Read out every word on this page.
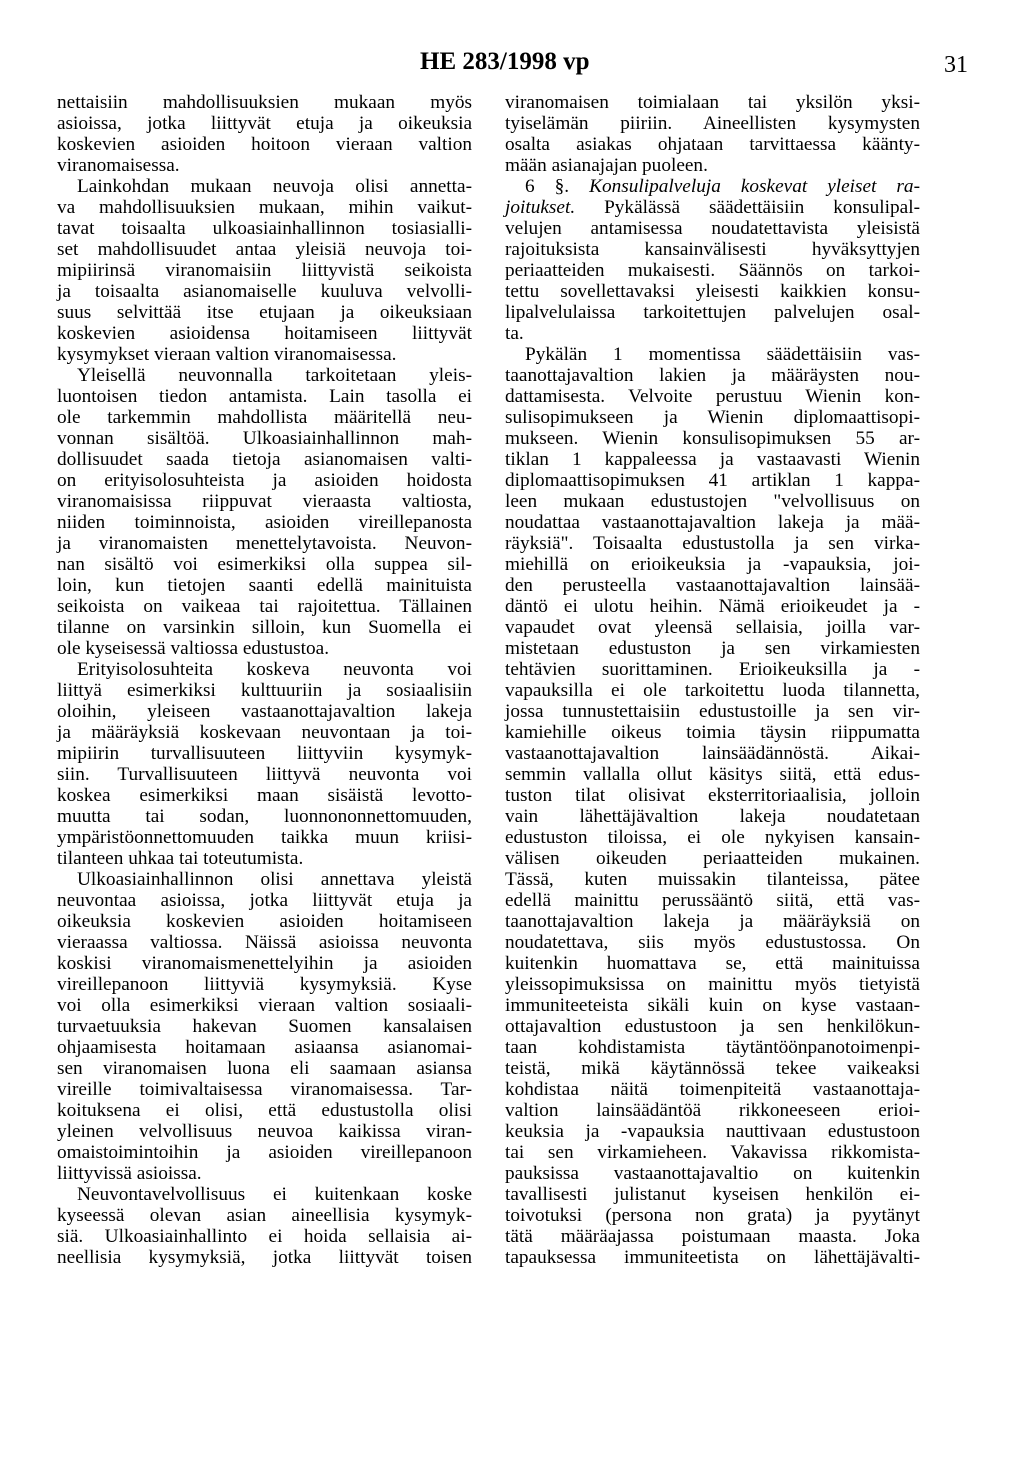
HE 283/1998 vp	31
nettaisiin mahdollisuuksien mukaan myös
asioissa, jotka liittyvät etuja ja oikeuksia
koskevien asioiden hoitoon vieraan valtion
viranomaisessa.
Lainkohdan mukaan neuvoja olisi annetta-
va mahdollisuuksien mukaan, mihin vaikut-
tavat toisaalta ulkoasiainhallinnon tosiasialli-
set mahdollisuudet antaa yleisiä neuvoja toi-
mipiirinsä viranomaisiin liittyvistä seikoista
ja toisaalta asianomaiselle kuuluva velvolli-
suus selvittää itse etujaan ja oikeuksiaan
koskevien asioidensa hoitamiseen liittyvät
kysymykset vieraan valtion viranomaisessa.
Yleisellä neuvonnalla tarkoitetaan yleis-
luontoisen tiedon antamista. Lain tasolla ei
ole tarkemmin mahdollista määritellä neu-
vonnan sisältöä. Ulkoasiainhallinnon mah-
dollisuudet saada tietoja asianomaisen valti-
on erityisolosuhteista ja asioiden hoidosta
viranomaisissa riippuvat vieraasta valtiosta,
niiden toiminnoista, asioiden vireillepanosta
ja viranomaisten menettelytavoista. Neuvon-
nan sisältö voi esimerkiksi olla suppea sil-
loin, kun tietojen saanti edellä mainituista
seikoista on vaikeaa tai rajoitettua. Tällainen
tilanne on varsinkin silloin, kun Suomella ei
ole kyseisessä valtiossa edustustoa.
Erityisolosuhteita koskeva neuvonta voi
liittyä esimerkiksi kulttuuriin ja sosiaalisiin
oloihin, yleiseen vastaanottajavaltion lakeja
ja määräyksiä koskevaan neuvontaan ja toi-
mipiirin turvallisuuteen liittyviin kysymyk-
siin. Turvallisuuteen liittyvä neuvonta voi
koskea esimerkiksi maan sisäistä levotto-
muutta tai sodan, luonnononnettomuuden,
ympäristöonnettomuuden taikka muun kriisi-
tilanteen uhkaa tai toteutumista.
Ulkoasiainhallinnon olisi annettava yleistä
neuvontaa asioissa, jotka liittyvät etuja ja
oikeuksia koskevien asioiden hoitamiseen
vieraassa valtiossa. Näissä asioissa neuvonta
koskisi viranomaismenettelyihin ja asioiden
vireillepanoon liittyviä kysymyksiä. Kyse
voi olla esimerkiksi vieraan valtion sosiaali-
turvaetuuksia hakevan Suomen kansalaisen
ohjaamisesta hoitamaan asiaansa asianomai-
sen viranomaisen luona eli saamaan asiansa
vireille toimivaltaisessa viranomaisessa. Tar-
koituksena ei olisi, että edustustolla olisi
yleinen velvollisuus neuvoa kaikissa viran-
omaistoimintoihin ja asioiden vireillepanoon
liittyvissä asioissa.
Neuvontavelvollisuus ei kuitenkaan koske
kyseessä olevan asian aineellisia kysymyk-
siä. Ulkoasiainhallinto ei hoida sellaisia ai-
neellisia kysymyksiä, jotka liittyvät toisen
viranomaisen toimialaan tai yksilön yksi-
tyiselämän piiriin. Aineellisten kysymysten
osalta asiakas ohjataan tarvittaessa käänty-
mään asianajajan puoleen.
6 §. Konsulipalveluja koskevat yleiset ra-
joitukset. Pykälässä säädettäisiin konsulipal-
velujen antamisessa noudatettavista yleisistä
rajoituksista kansainvälisesti hyväksyttyjen
periaatteiden mukaisesti. Säännös on tarkoi-
tettu sovellettavaksi yleisesti kaikkien konsu-
lipalvelulaissa tarkoitettujen palvelujen osal-
ta.
Pykälän 1 momentissa säädettäisiin vas-
taanottajavaltion lakien ja määräysten nou-
dattamisesta. Velvoite perustuu Wienin kon-
sulisopimukseen ja Wienin diplomaattisopi-
mukseen. Wienin konsulisopimuksen 55 ar-
tiklan 1 kappaleessa ja vastaavasti Wienin
diplomaattisopimuksen 41 artiklan 1 kappa-
leen mukaan edustustojen "velvollisuus on
noudattaa vastaanottajavaltion lakeja ja mää-
räyksiä". Toisaalta edustustolla ja sen virka-
miehillä on erioikeuksia ja -vapauksia, joi-
den perusteella vastaanottajavaltion lainsää-
däntö ei ulotu heihin. Nämä erioikeudet ja -
vapaudet ovat yleensä sellaisia, joilla var-
mistetaan edustuston ja sen virkamiesten
tehtävien suorittaminen. Erioikeuksilla ja -
vapauksilla ei ole tarkoitettu luoda tilannetta,
jossa tunnustettaisiin edustustoille ja sen vir-
kamiehille oikeus toimia täysin riippumatta
vastaanottajavaltion lainsäädännöstä. Aikai-
semmin vallalla ollut käsitys siitä, että edus-
tuston tilat olisivat eksterritoriaalisia, jolloin
vain lähettäjävaltion lakeja noudatetaan
edustuston tiloissa, ei ole nykyisen kansain-
välisen oikeuden periaatteiden mukainen.
Tässä, kuten muissakin tilanteissa, pätee
edellä mainittu perussääntö siitä, että vas-
taanottajavaltion lakeja ja määräyksiä on
noudatettava, siis myös edustustossa. On
kuitenkin huomattava se, että mainituissa
yleissopimuksissa on mainittu myös tietyistä
immuniteeteista sikäli kuin on kyse vastaan-
ottajavaltion edustustoon ja sen henkilökun-
taan kohdistamista täytäntöönpanotoimenpi-
teistä, mikä käytännössä tekee vaikeaksi
kohdistaa näitä toimenpiteitä vastaanottaja-
valtion lainsäädäntöä rikkoneeseen erioi-
keuksia ja -vapauksia nauttivaan edustustoon
tai sen virkamieheen. Vakavissa rikkomista-
pauksissa vastaanottajavaltio on kuitenkin
tavallisesti julistanut kyseisen henkilön ei-
toivotuksi (persona non grata) ja pyytänyt
tätä määräajassa poistumaan maasta. Joka
tapauksessa immuniteetista on lähettäjävalti-
